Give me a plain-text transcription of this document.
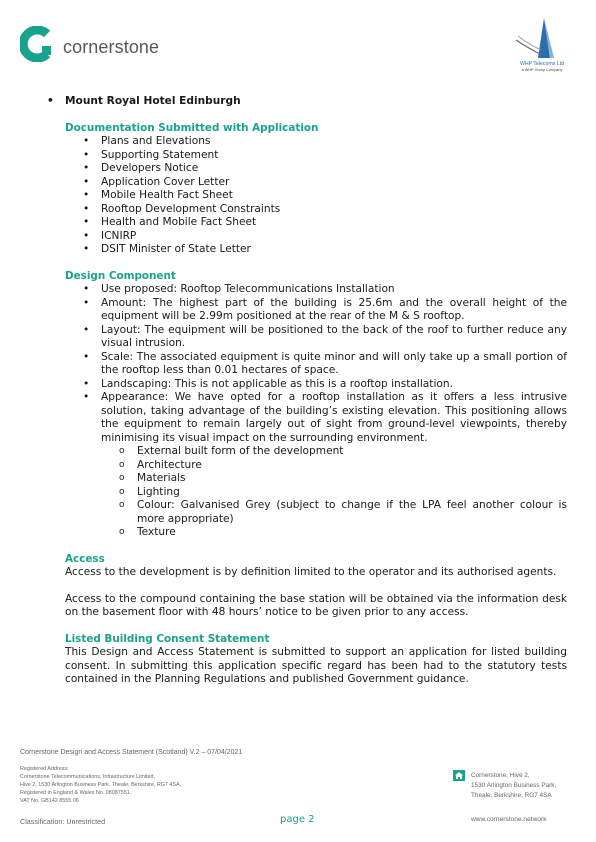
cornerstone
WHP Telecoms Ltd
a WHP Group Company
• Mount Royal Hotel Edinburgh
Documentation Submitted with Application
• Plans and Elevations
• Supporting Statement
• Developers Notice
• Application Cover Letter
• Mobile Health Fact Sheet
• Rooftop Development Constraints
• Health and Mobile Fact Sheet
• ICNIRP
• DSIT Minister of State Letter
Design Component
• Use proposed: Rooftop Telecommunications Installation
• Amount: The highest part of the building is 25.6m and the overall height of the equipment will be 2.99m positioned at the rear of the M & S rooftop.
• Layout: The equipment will be positioned to the back of the roof to further reduce any visual intrusion.
• Scale: The associated equipment is quite minor and will only take up a small portion of the rooftop less than 0.01 hectares of space.
• Landscaping: This is not applicable as this is a rooftop installation.
• Appearance: We have opted for a rooftop installation as it offers a less intrusive solution, taking advantage of the building’s existing elevation. This positioning allows the equipment to remain largely out of sight from ground-level viewpoints, thereby minimising its visual impact on the surrounding environment.
o External built form of the development
o Architecture
o Materials
o Lighting
o Colour: Galvanised Grey (subject to change if the LPA feel another colour is more appropriate)
o Texture
Access
Access to the development is by definition limited to the operator and its authorised agents.
Access to the compound containing the base station will be obtained via the information desk on the basement floor with 48 hours’ notice to be given prior to any access.
Listed Building Consent Statement
This Design and Access Statement is submitted to support an application for listed building consent. In submitting this application specific regard has been had to the statutory tests contained in the Planning Regulations and published Government guidance.
Cornerstone Design and Access Statement (Scotland) V.2 – 07/04/2021
Registered Address:
Cornerstone Telecommunications, Infrastructure Limited,
Hive 2, 1530 Arlington Business Park, Theale, Berkshire, RG7 4SA.
Registered in England & Wales No. 08087551.
VAT No. GB142 8555 06
Cornerstone, Hive 2,
1530 Arlington Business Park,
Theale, Berkshire, RG7 4SA
Classification: Unrestricted	page 2	www.cornerstone.network
